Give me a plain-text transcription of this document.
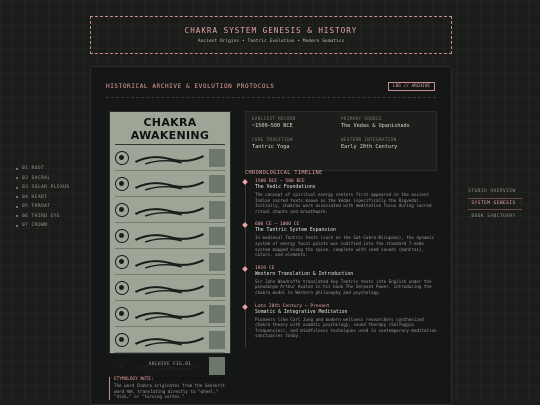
CHAKRA SYSTEM GENESIS & HISTORY
Ancient Origins • Tantric Evolution • Modern Somatics
01 ROOT
02 SACRAL
03 SOLAR PLEXUS
04 HEART
05 THROAT
06 THIRD EYE
07 CROWN
STUDIO OVERVIEW ◦
SYSTEM GENESIS ◦
BOOK SANCTUARY ◦
HISTORICAL ARCHIVE & EVOLUTION PROTOCOLS	LOG // ARCHIVE
CHAKRA AWAKENING
ARCHIVE FIG.01
ETYMOLOGY NOTE:
The word Chakra originates from the Sanskrit word चक्र, translating directly to "wheel," "disk," or "turning vortex."
EARLIEST RECORD
~1500–500 BCE
PRIMARY SOURCE
The Vedas & Upanishads
CORE TRADITION
Tantric Yoga
WESTERN INTEGRATION
Early 20th Century
CHRONOLOGICAL TIMELINE
1500 BCE – 500 BCE
The Vedic Foundations
The concept of spiritual energy centers first appeared in the ancient Indian sacred texts known as the Vedas (specifically the Rigveda). Initially, chakras were associated with meditative focus during sacred ritual chants and breathwork.
600 CE – 1000 CE
The Tantric System Expansion
In medieval Tantric texts (such as the Sat-Cakra-Nirupana), the dynamic system of energy focal points was codified into the standard 7-node system mapped along the spine, complete with seed sounds (mantras), colors, and elements.
1919 CE
Western Translation & Introduction
Sir John Woodroffe translated key Tantric texts into English under the pseudonym Arthur Avalon in his book The Serpent Power, introducing the chakra model to Western philosophy and psychology.
Late 20th Century – Present
Somatic & Integrative Meditation
Pioneers like Carl Jung and modern wellness researchers synthesized chakra theory with somatic psychology, sound therapy (Solfeggio frequencies), and mindfulness techniques used in contemporary meditation sanctuaries today.
